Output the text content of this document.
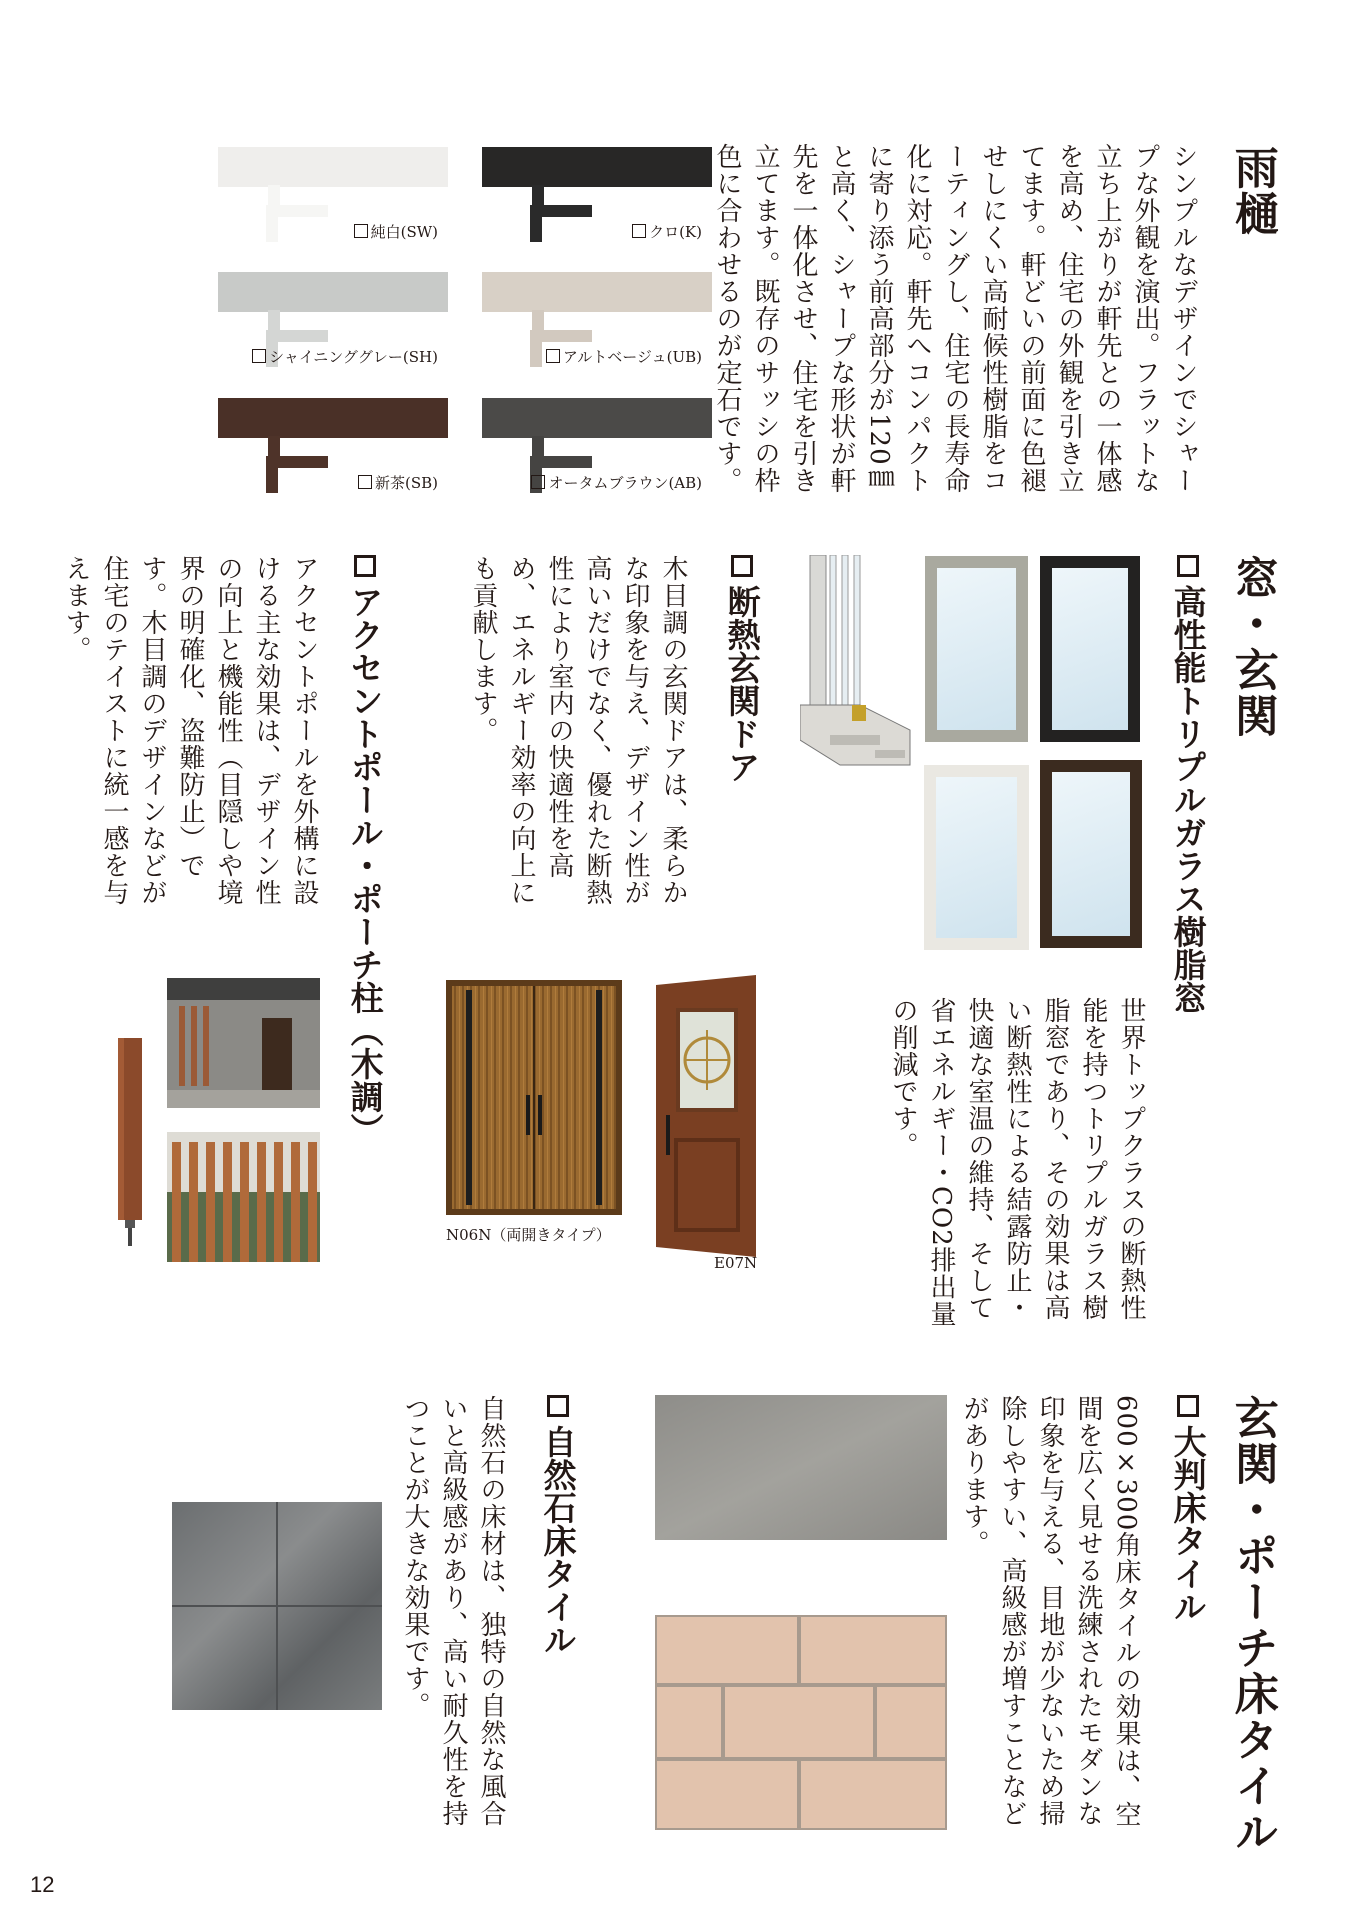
雨樋

シンプルなデザインでシャープな外観を演出。フラットな立ち上がりが軒先との一体感を高め、住宅の外観を引き立てます。軒どいの前面に色褪せしにくい高耐候性樹脂をコーティングし、住宅の長寿命化に対応。軒先へコンパクトに寄り添う前高部分が120㎜と高く、シャープな形状が軒先を一体化させ、住宅を引き立てます。既存のサッシの枠色に合わせるのが定石です。

クロ(K)
純白(SW)
アルトベージュ(UB)
シャイニンググレー(SH)
オータムブラウン(AB)
新茶(SB)
窓・玄関
高性能トリプルガラス樹脂窓

世界トップクラスの断熱性能を持つトリプルガラス樹脂窓であり、その効果は高い断熱性による結露防止・快適な室温の維持、そして省エネルギー・CO2排出量の削減です。

断熱玄関ドア

木目調の玄関ドアは、柔らかな印象を与え、デザイン性が高いだけでなく、優れた断熱性により室内の快適性を高め、エネルギー効率の向上にも貢献します。

N06N（両開きタイプ）
E07N
アクセントポール・ポーチ柱（木調）

アクセントポールを外構に設ける主な効果は、デザイン性の向上と機能性（目隠しや境界の明確化、盗難防止）です。木目調のデザインなどが住宅のテイストに統一感を与えます。

玄関・ポーチ床タイル
大判床タイル

600×300角床タイルの効果は、空間を広く見せる洗練されたモダンな印象を与える、目地が少ないため掃除しやすい、高級感が増すことなどがあります。

自然石床タイル

自然石の床材は、独特の自然な風合いと高級感があり、高い耐久性を持つことが大きな効果です。

12
